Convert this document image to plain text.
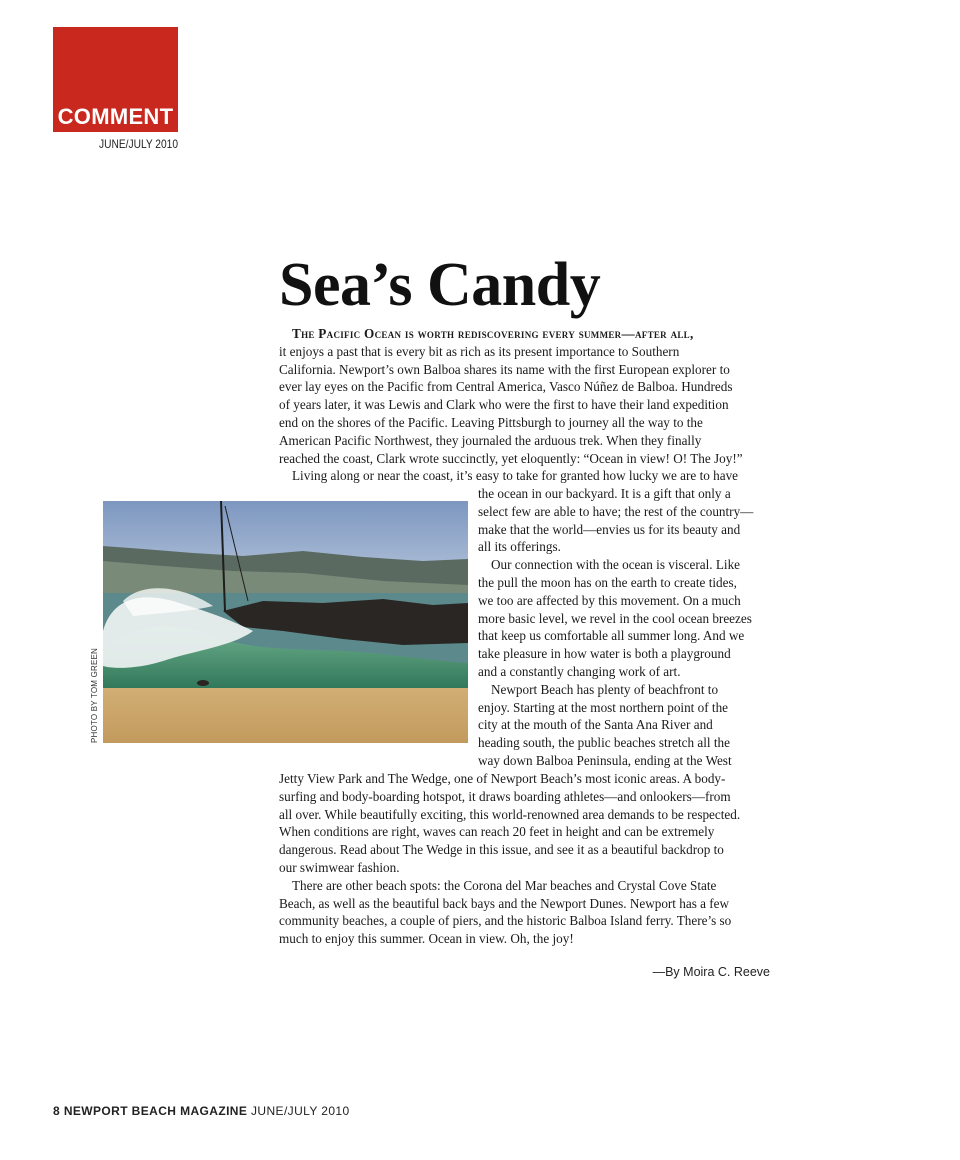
COMMENT
JUNE/JULY 2010
Sea’s Candy
The Pacific Ocean is worth rediscovering every summer—after all,
it enjoys a past that is every bit as rich as its present importance to Southern
California. Newport’s own Balboa shares its name with the first European explorer to
ever lay eyes on the Pacific from Central America, Vasco Núñez de Balboa. Hundreds
of years later, it was Lewis and Clark who were the first to have their land expedition
end on the shores of the Pacific. Leaving Pittsburgh to journey all the way to the
American Pacific Northwest, they journaled the arduous trek. When they finally
reached the coast, Clark wrote succinctly, yet eloquently: “Ocean in view! O! The Joy!”
Living along or near the coast, it’s easy to take for granted how lucky we are to have
the ocean in our backyard. It is a gift that only a
select few are able to have; the rest of the country—
make that the world—envies us for its beauty and
all its offerings.
Our connection with the ocean is visceral. Like
the pull the moon has on the earth to create tides,
we too are affected by this movement. On a much
more basic level, we revel in the cool ocean breezes
that keep us comfortable all summer long. And we
take pleasure in how water is both a playground
and a constantly changing work of art.
Newport Beach has plenty of beachfront to
enjoy. Starting at the most northern point of the
city at the mouth of the Santa Ana River and
heading south, the public beaches stretch all the
way down Balboa Peninsula, ending at the West
Jetty View Park and The Wedge, one of Newport Beach’s most iconic areas. A body-
surfing and body-boarding hotspot, it draws boarding athletes—and onlookers—from
all over. While beautifully exciting, this world-renowned area demands to be respected.
When conditions are right, waves can reach 20 feet in height and can be extremely
dangerous. Read about The Wedge in this issue, and see it as a beautiful backdrop to
our swimwear fashion.
There are other beach spots: the Corona del Mar beaches and Crystal Cove State
Beach, as well as the beautiful back bays and the Newport Dunes. Newport has a few
community beaches, a couple of piers, and the historic Balboa Island ferry. There’s so
much to enjoy this summer. Ocean in view. Oh, the joy!
PHOTO BY TOM GREEN
—By Moira C. Reeve
8 NEWPORT BEACH MAGAZINE JUNE/JULY 2010
